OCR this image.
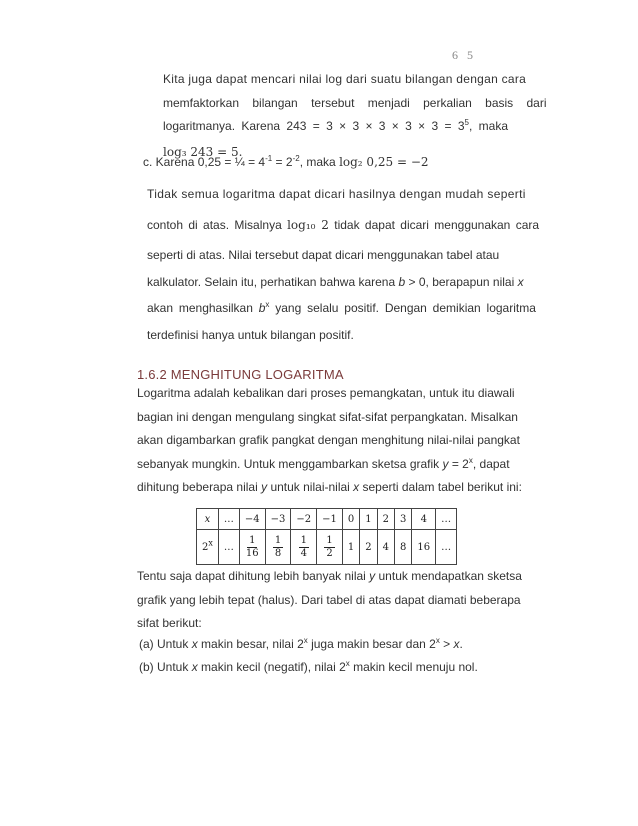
6 5
Kita juga dapat mencari nilai log dari suatu bilangan dengan cara
memfaktorkan bilangan tersebut menjadi perkalian basis dari
logaritmanya. Karena $243 = 3 \times 3 \times 3 \times 3 \times 3 = 3^5$, maka
log₃ 243 = 5.
c. Karena 0,25 = ¼ = $4^{-1} = 2^{-2}$, maka log₂ 0,25 = −2
Tidak semua logaritma dapat dicari hasilnya dengan mudah seperti
contoh di atas. Misalnya log₁₀ 2 tidak dapat dicari menggunakan cara
seperti di atas. Nilai tersebut dapat dicari menggunakan tabel atau
kalkulator. Selain itu, perhatikan bahwa karena b > 0, berapapun nilai x
akan menghasilkan $b^x$ yang selalu positif. Dengan demikian logaritma
terdefinisi hanya untuk bilangan positif.
1.6.2 MENGHITUNG LOGARITMA
Logaritma adalah kebalikan dari proses pemangkatan, untuk itu diawali
bagian ini dengan mengulang singkat sifat-sifat perpangkatan. Misalkan
akan digambarkan grafik pangkat dengan menghitung nilai-nilai pangkat
sebanyak mungkin. Untuk menggambarkan sketsa grafik $y = 2^x$, dapat
dihitung beberapa nilai y untuk nilai-nilai x seperti dalam tabel berikut ini:
x	…	−4	−3	−2	−1	0	1	2	3	4	…
2$^x$	…	$\frac{1}{16}$	$\frac{1}{8}$	$\frac{1}{4}$	$\frac{1}{2}$	1	2	4	8	16	…
Tentu saja dapat dihitung lebih banyak nilai y untuk mendapatkan sketsa
grafik yang lebih tepat (halus). Dari tabel di atas dapat diamati beberapa
sifat berikut:
(a) Untuk x makin besar, nilai 2$^x$ juga makin besar dan $2^x > x$.
(b) Untuk x makin kecil (negatif), nilai 2$^x$ makin kecil menuju nol.
